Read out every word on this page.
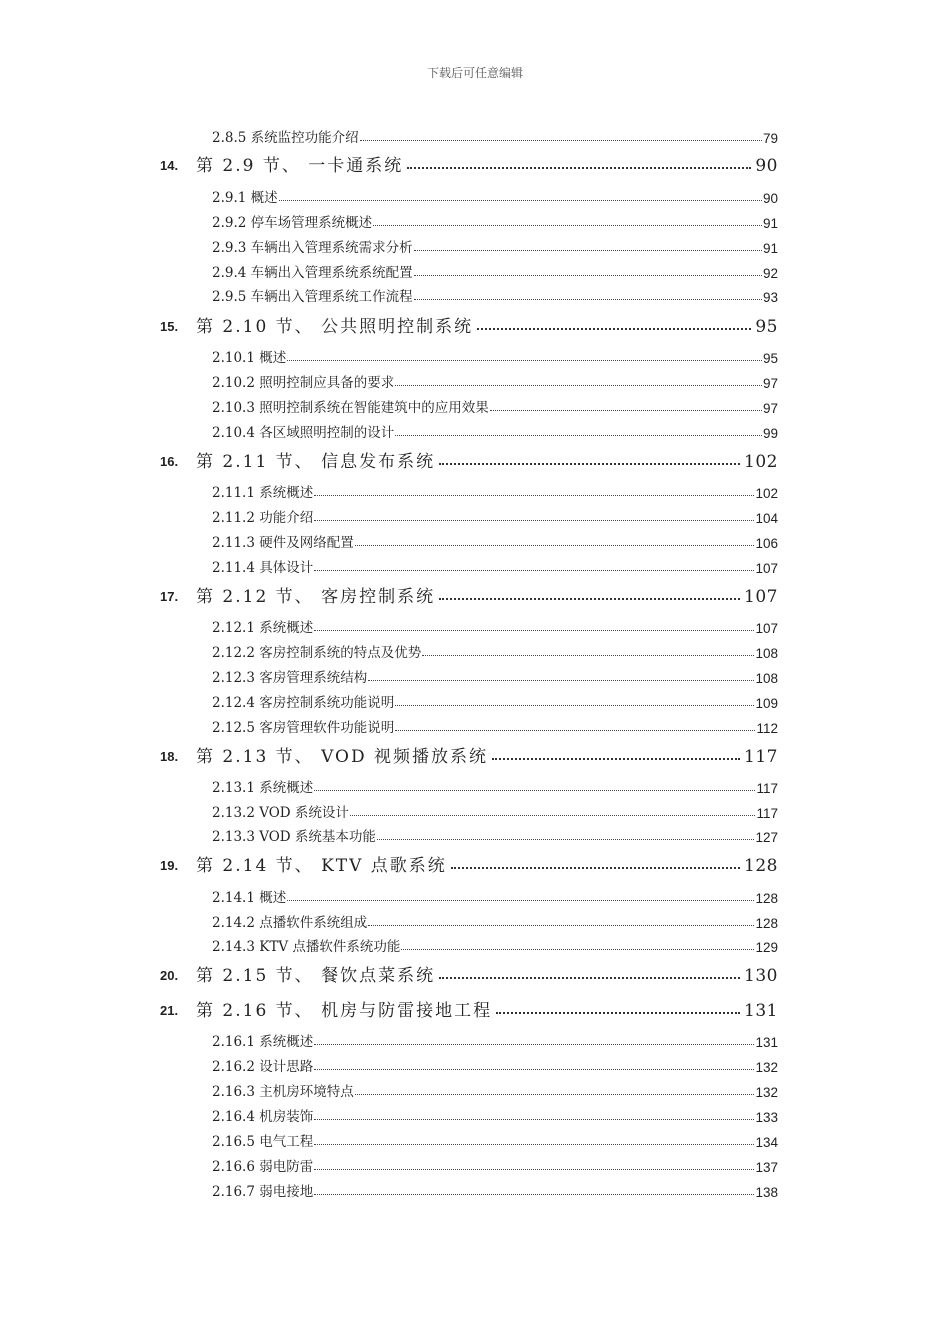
下载后可任意编辑
2.8.5 系统监控功能介绍	79
14.	第 2.9 节、 一卡通系统	90
2.9.1 概述	90
2.9.2 停车场管理系统概述	91
2.9.3 车辆出入管理系统需求分析	91
2.9.4 车辆出入管理系统系统配置	92
2.9.5 车辆出入管理系统工作流程	93
15.	第 2.10 节、 公共照明控制系统	95
2.10.1 概述	95
2.10.2 照明控制应具备的要求	97
2.10.3 照明控制系统在智能建筑中的应用效果	97
2.10.4 各区域照明控制的设计	99
16.	第 2.11 节、 信息发布系统	102
2.11.1 系统概述	102
2.11.2 功能介绍	104
2.11.3 硬件及网络配置	106
2.11.4 具体设计	107
17.	第 2.12 节、 客房控制系统	107
2.12.1 系统概述	107
2.12.2 客房控制系统的特点及优势	108
2.12.3 客房管理系统结构	108
2.12.4 客房控制系统功能说明	109
2.12.5 客房管理软件功能说明	112
18.	第 2.13 节、 VOD 视频播放系统	117
2.13.1 系统概述	117
2.13.2 VOD 系统设计	117
2.13.3 VOD 系统基本功能	127
19.	第 2.14 节、 KTV 点歌系统	128
2.14.1 概述	128
2.14.2 点播软件系统组成	128
2.14.3 KTV 点播软件系统功能	129
20.	第 2.15 节、 餐饮点菜系统	130
21.	第 2.16 节、 机房与防雷接地工程	131
2.16.1 系统概述	131
2.16.2 设计思路	132
2.16.3 主机房环境特点	132
2.16.4 机房装饰	133
2.16.5 电气工程	134
2.16.6 弱电防雷	137
2.16.7 弱电接地	138
